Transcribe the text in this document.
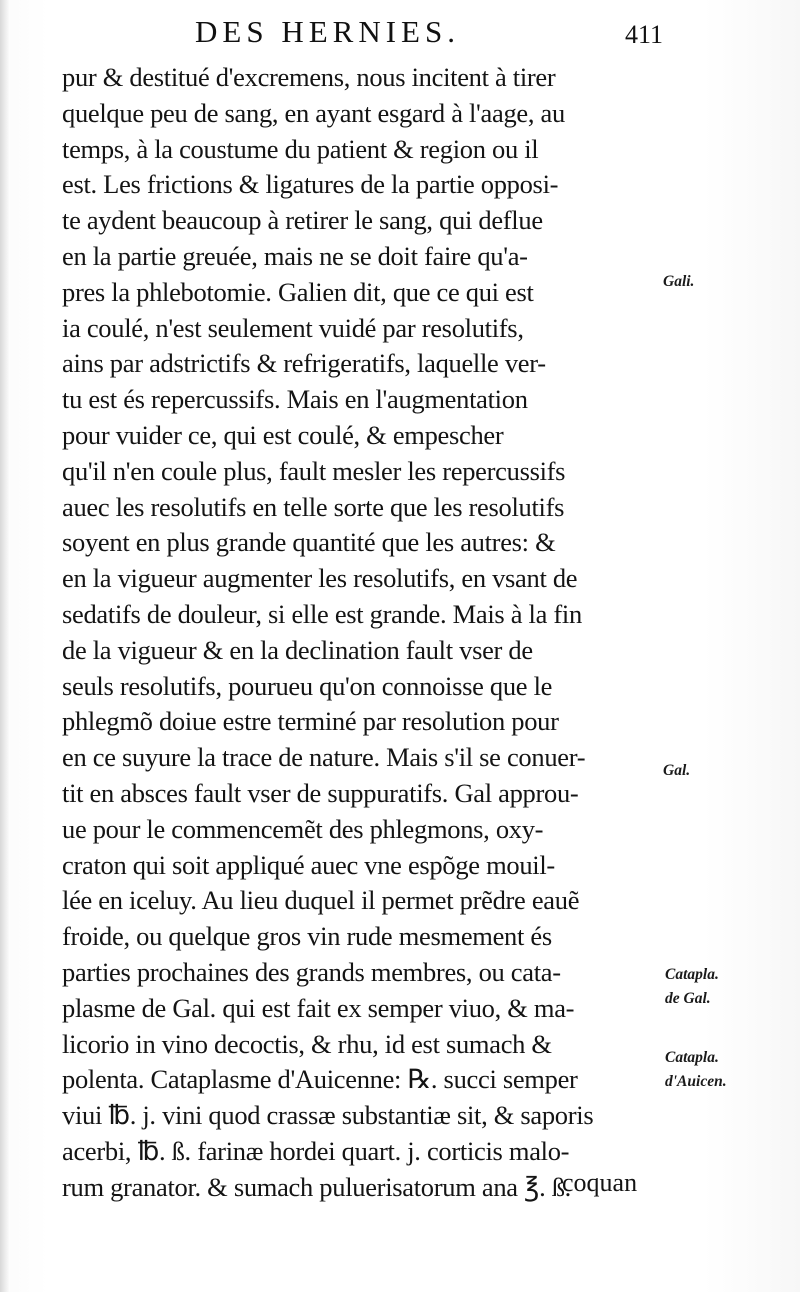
DES HERNIES.	411
pur & destitué d'excremens, nous incitent à tirer
quelque peu de sang, en ayant esgard à l'aage, au
temps, à la coustume du patient & region ou il
est. Les frictions & ligatures de la partie opposi-
te aydent beaucoup à retirer le sang, qui deflue
en la partie greuée, mais ne se doit faire qu'a-
pres la phlebotomie. Galien dit, que ce qui est
ia coulé, n'est seulement vuidé par resolutifs,
ains par adstrictifs & refrigeratifs, laquelle ver-
tu est és repercussifs. Mais en l'augmentation
pour vuider ce, qui est coulé, & empescher
qu'il n'en coule plus, fault mesler les repercussifs
auec les resolutifs en telle sorte que les resolutifs
soyent en plus grande quantité que les autres: &
en la vigueur augmenter les resolutifs, en vsant de
sedatifs de douleur, si elle est grande. Mais à la fin
de la vigueur & en la declination fault vser de
seuls resolutifs, pourueu qu'on connoisse que le
phlegmõ doiue estre terminé par resolution pour
en ce suyure la trace de nature. Mais s'il se conuer-
tit en absces fault vser de suppuratifs. Gal approu-
ue pour le commencemẽt des phlegmons, oxy-
craton qui soit appliqué auec vne espõge mouil-
lée en iceluy. Au lieu duquel il permet prẽdre eauẽ
froide, ou quelque gros vin rude mesmement és
parties prochaines des grands membres, ou cata-
plasme de Gal. qui est fait ex semper viuo, & ma-
licorio in vino decoctis, & rhu, id est sumach &
polenta. Cataplasme d'Auicenne: ℞. succi semper
viui ℔. j. vini quod crassæ substantiæ sit, & saporis
acerbi, ℔. ß. farinæ hordei quart. j. corticis malo-
rum granator. & sumach puluerisatorum ana ℥. ß.
coquan
Gali.
Gal.
Catapla.
de Gal.
Catapla.
d'Auicen.
